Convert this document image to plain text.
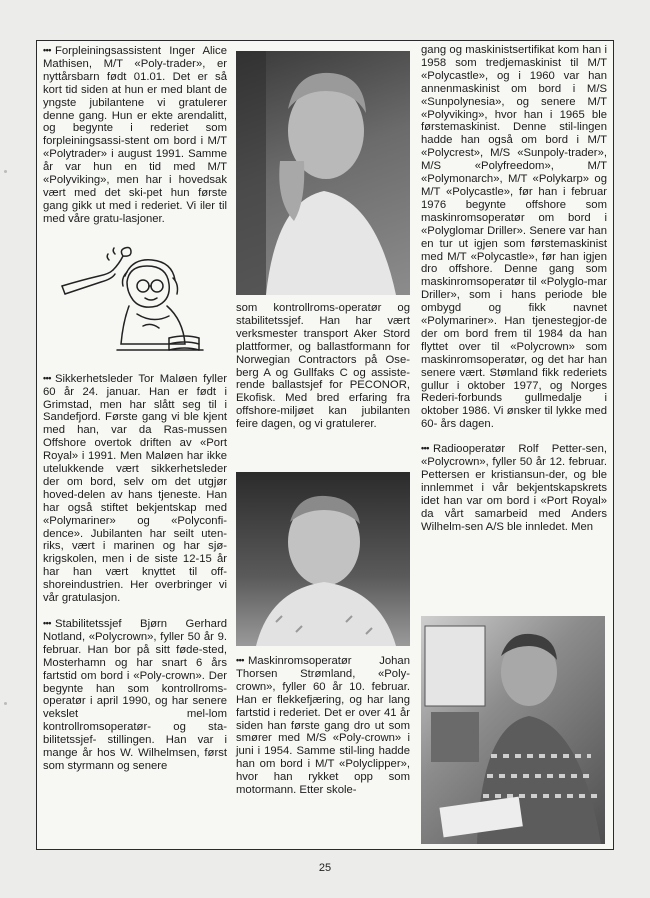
••• Forpleiningsassistent Inger Alice Mathisen, M/T «Poly-trader», er nyttårsbarn født 01.01. Det er så kort tid siden at hun er med blant de yngste jubilantene vi gratulerer denne gang. Hun er ekte arendalitt, og begynte i rederiet som forpleiningsassi-stent om bord i M/T «Polytrader» i august 1991. Samme år var hun en tid med M/T «Polyviking», men har i hovedsak vært med det ski-pet hun første gang gikk ut med i rederiet. Vi iler til med våre gratu-lasjoner.

••• Sikkerhetsleder Tor Maløen fyller 60 år 24. januar. Han er født i Grimstad, men har slått seg til i Sandefjord. Første gang vi ble kjent med han, var da Ras-mussen Offshore overtok driften av «Port Royal» i 1991. Men Maløen har ikke utelukkende vært sikkerhetsleder der om bord, selv om det utgjør hoved-delen av hans tjeneste. Han har også stiftet bekjentskap med «Polymariner» og «Polyconfi-dence». Jubilanten har seilt uten-riks, vært i marinen og har sjø-krigskolen, men i de siste 12-15 år har han vært knyttet til off-shoreindustrien. Her overbringer vi vår gratulasjon.

••• Stabilitetssjef Bjørn Gerhard Notland, «Polycrown», fyller 50 år 9. februar. Han bor på sitt føde-sted, Mosterhamn og har snart 6 års fartstid om bord i «Poly-crown». Der begynte han som kontrollroms-operatør i april 1990, og har senere vekslet mel-lom kontrollromsoperatør- og sta-bilitetssjef- stillingen. Han var i mange år hos W. Wilhelmsen, først som styrmann og senere

som kontrollroms-operatør og stabilitetssjef. Han har vært verksmester transport Aker Stord plattformer, og ballastformann for Norwegian Contractors på Ose-berg A og Gullfaks C og assiste-rende ballastsjef for PECONOR, Ekofisk. Med bred erfaring fra offshore-miljøet kan jubilanten feire dagen, og vi gratulerer.

••• Maskinromsoperatør Johan Thorsen Strømland, «Poly-crown», fyller 60 år 10. februar. Han er flekkefjæring, og har lang fartstid i rederiet. Det er over 41 år siden han første gang dro ut som smører med M/S «Poly-crown» i juni i 1954. Samme stil-ling hadde han om bord i M/T «Polyclipper», hvor han rykket opp som motormann. Etter skole-

gang og maskinistsertifikat kom han i 1958 som tredjemaskinist til M/T «Polycastle», og i 1960 var han annenmaskinist om bord i M/S «Sunpolynesia», og senere M/T «Polyviking», hvor han i 1965 ble førstemaskinist. Denne stil-lingen hadde han også om bord i M/T «Polycrest», M/S «Sunpoly-trader», M/S «Polyfreedom», M/T «Polymonarch», M/T «Polykarp» og M/T «Polycastle», før han i februar 1976 begynte offshore som maskinromsoperatør om bord i «Polyglomar Driller». Senere var han en tur ut igjen som førstemaskinist med M/T «Polycastle», før han igjen dro offshore. Denne gang som maskinromsoperatør til «Polyglo-mar Driller», som i hans periode ble ombygd og fikk navnet «Polymariner». Han tjenestegjor-de der om bord frem til 1984 da han flyttet over til «Polycrown» som maskinromsoperatør, og det har han senere vært. Stømland fikk rederiets gullur i oktober 1977, og Norges Rederi-forbunds gullmedalje i oktober 1986. Vi ønsker til lykke med 60- års dagen.

••• Radiooperatør Rolf Petter-sen, «Polycrown», fyller 50 år 12. februar. Pettersen er kristiansun-der, og ble innlemmet i vår bekjentskapskrets idet han var om bord i «Port Royal» da vårt samarbeid med Anders Wilhelm-sen A/S ble innledet. Men

25
